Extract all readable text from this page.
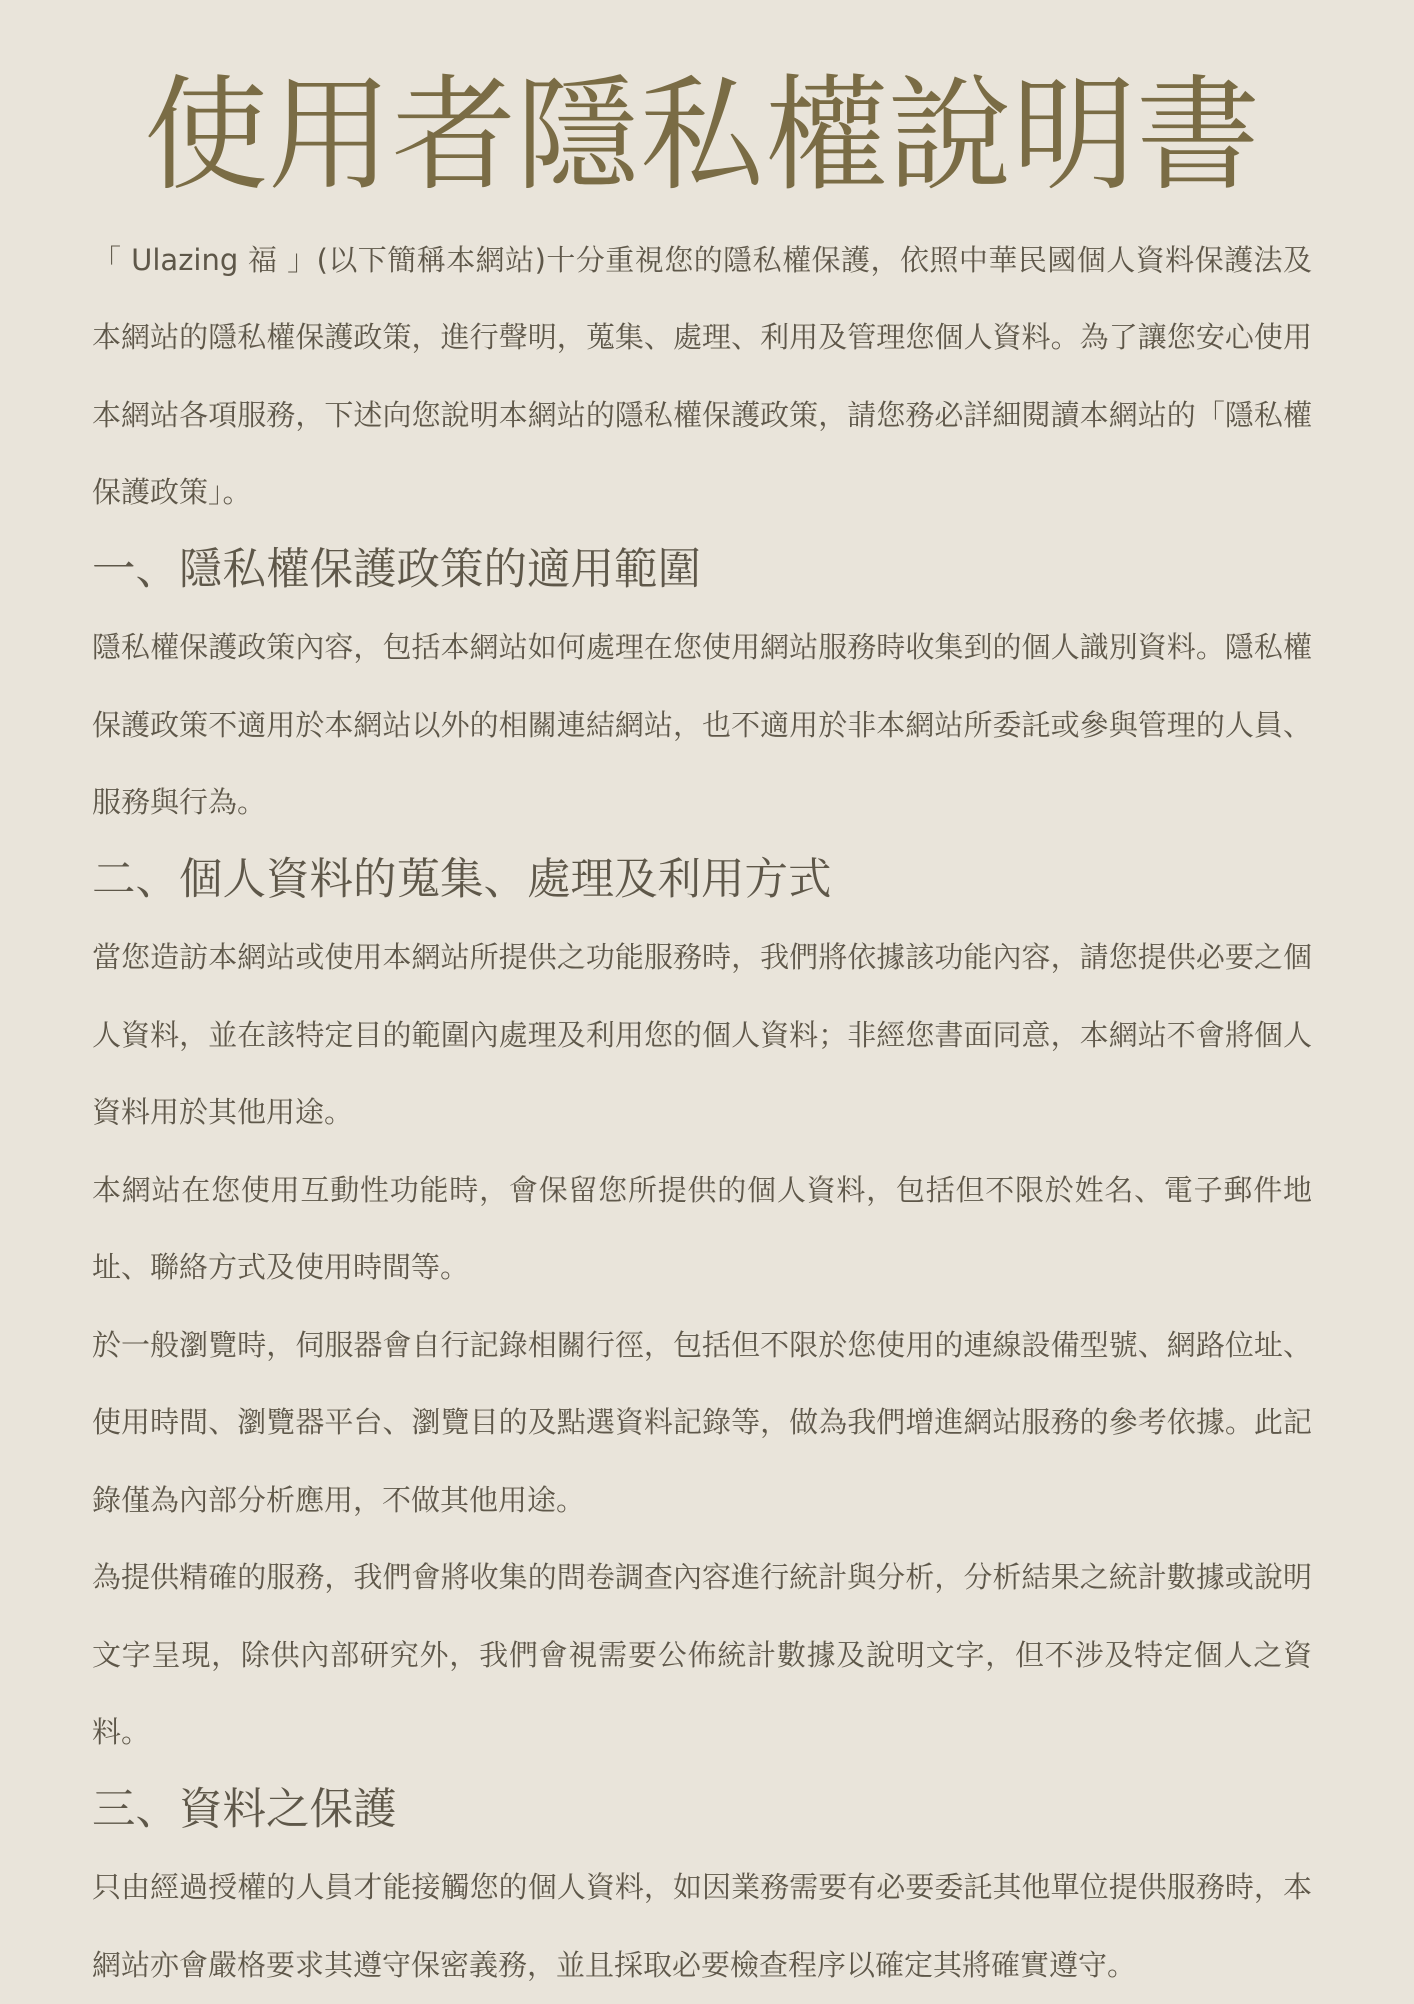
使用者隱私權說明書

「 Ulazing 福 」(以下簡稱本網站)十分重視您的隱私權保護，依照中華民國個人資料保護法及本網站的隱私權保護政策，進行聲明，蒐集、處理、利用及管理您個人資料。為了讓您安心使用本網站各項服務，下述向您說明本網站的隱私權保護政策，請您務必詳細閱讀本網站的「隱私權保護政策」。

一、隱私權保護政策的適用範圍

隱私權保護政策內容，包括本網站如何處理在您使用網站服務時收集到的個人識別資料。隱私權保護政策不適用於本網站以外的相關連結網站，也不適用於非本網站所委託或參與管理的人員、服務與行為。

二、個人資料的蒐集、處理及利用方式

當您造訪本網站或使用本網站所提供之功能服務時，我們將依據該功能內容，請您提供必要之個人資料，並在該特定目的範圍內處理及利用您的個人資料；非經您書面同意，本網站不會將個人資料用於其他用途。

本網站在您使用互動性功能時，會保留您所提供的個人資料，包括但不限於姓名、電子郵件地址、聯絡方式及使用時間等。

於一般瀏覽時，伺服器會自行記錄相關行徑，包括但不限於您使用的連線設備型號、網路位址、使用時間、瀏覽器平台、瀏覽目的及點選資料記錄等，做為我們增進網站服務的參考依據。此記錄僅為內部分析應用，不做其他用途。

為提供精確的服務，我們會將收集的問卷調查內容進行統計與分析，分析結果之統計數據或說明文字呈現，除供內部研究外，我們會視需要公佈統計數據及說明文字，但不涉及特定個人之資料。

三、資料之保護

只由經過授權的人員才能接觸您的個人資料，如因業務需要有必要委託其他單位提供服務時，本網站亦會嚴格要求其遵守保密義務，並且採取必要檢查程序以確定其將確實遵守。
